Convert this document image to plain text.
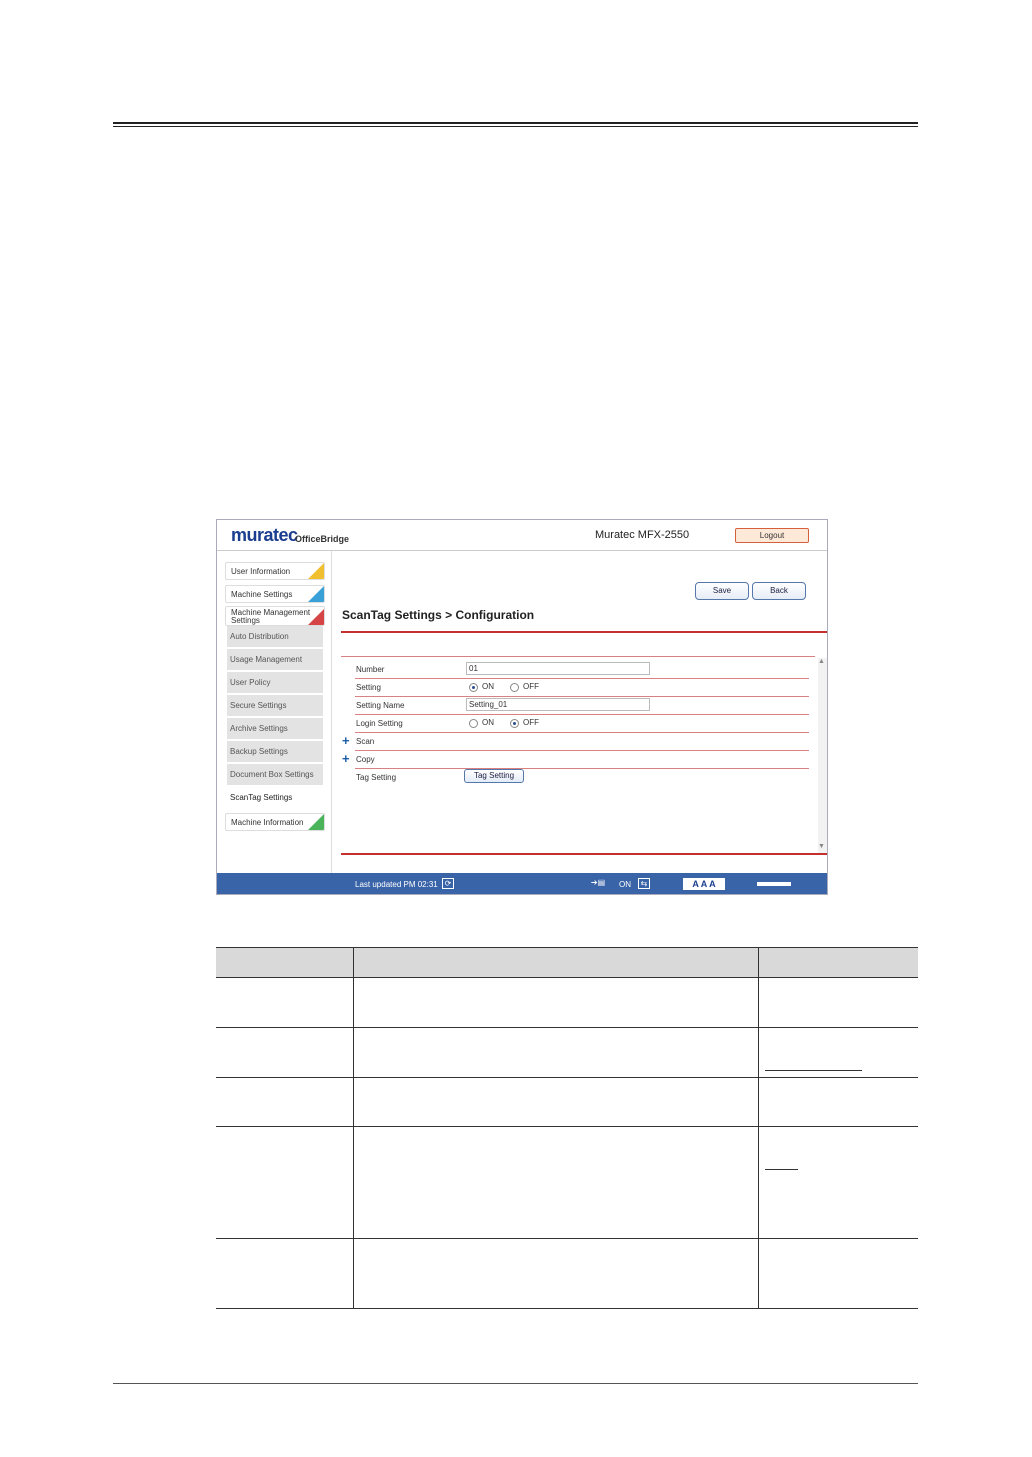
muratec
OfficeBridge	Muratec MFX-2550	Logout
User Information
Machine Settings
Machine Management Settings
Auto Distribution
Usage Management
User Policy
Secure Settings
Archive Settings
Backup Settings
Document Box Settings
ScanTag Settings
Machine Information
Save	Back
ScanTag Settings > Configuration
Number	01
Setting	ON	OFF
Setting Name	Setting_01
Login Setting	ON	OFF
+ Scan
+ Copy
Tag Setting	Tag Setting
▲
▼
Last updated PM 02:31 ⟳	➔▤	ON	⇆	A A A
